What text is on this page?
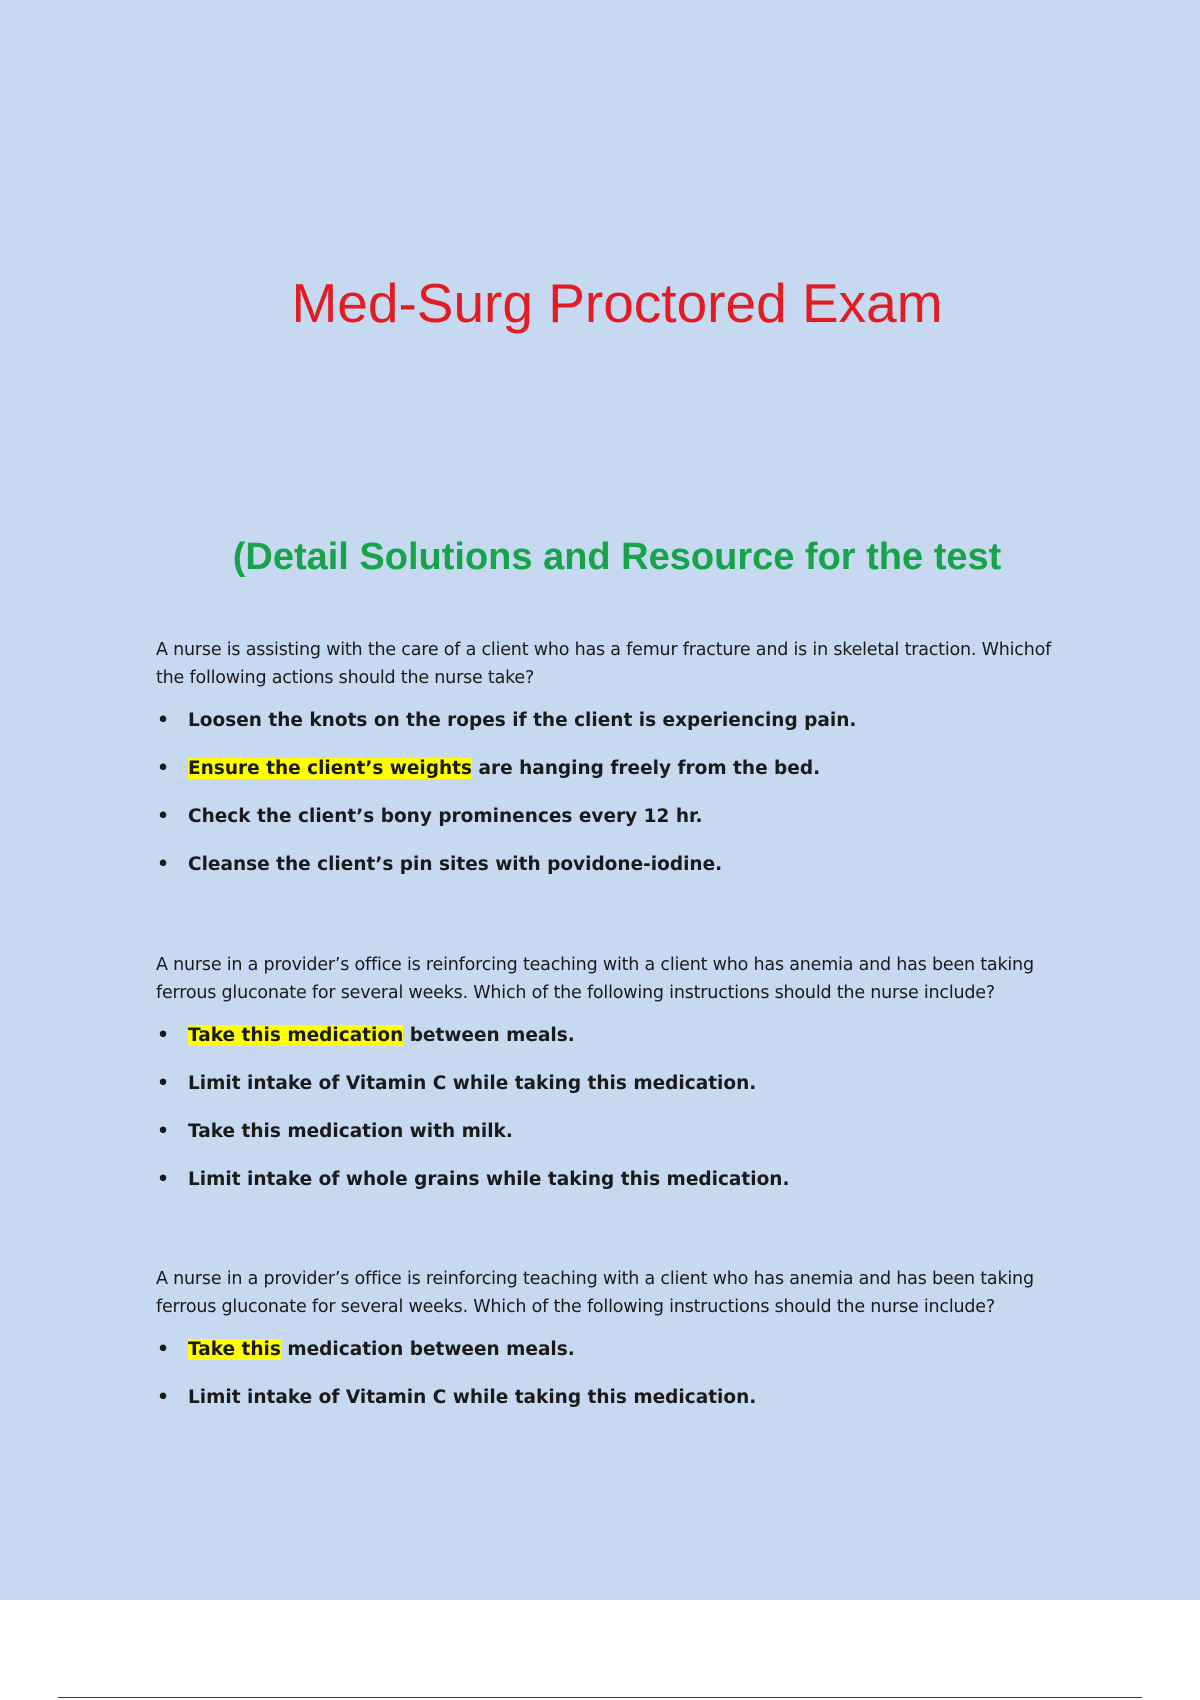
Med-Surg Proctored Exam
(Detail Solutions and Resource for the test

A nurse is assisting with the care of a client who has a femur fracture and is in skeletal traction. Whichof the following actions should the nurse take?

• Loosen the knots on the ropes if the client is experiencing pain.
• Ensure the client’s weights are hanging freely from the bed.
• Check the client’s bony prominences every 12 hr.
• Cleanse the client’s pin sites with povidone-iodine.

A nurse in a provider’s office is reinforcing teaching with a client who has anemia and has been taking ferrous gluconate for several weeks. Which of the following instructions should the nurse include?

• Take this medication between meals.
• Limit intake of Vitamin C while taking this medication.
• Take this medication with milk.
• Limit intake of whole grains while taking this medication.

A nurse in a provider’s office is reinforcing teaching with a client who has anemia and has been taking ferrous gluconate for several weeks. Which of the following instructions should the nurse include?

• Take this medication between meals.
• Limit intake of Vitamin C while taking this medication.
